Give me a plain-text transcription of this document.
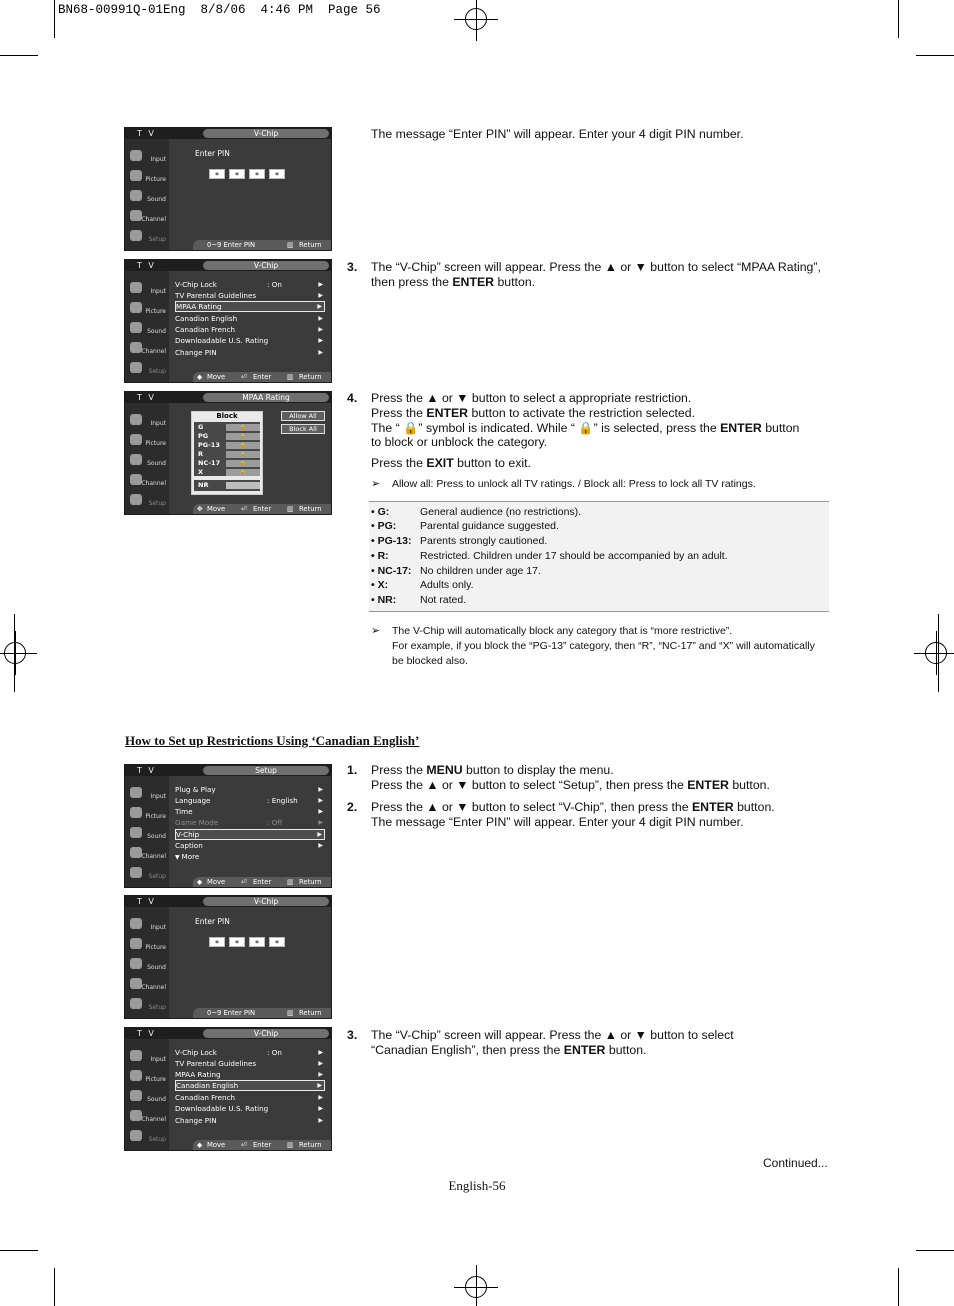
BN68-00991Q-01Eng  8/8/06  4:46 PM  Page 56
T V	V-Chip
Input
Picture
Sound
Channel
Setup
Enter PIN
* * * *
0~9 Enter PIN	▥ Return
T V	V-Chip
Input
Picture
Sound
Channel
Setup
V-Chip Lock	: On	▶
TV Parental Guidelines	▶
MPAA Rating	▶
Canadian English	▶
Canadian French	▶
Downloadable U.S. Rating	▶
Change PIN	▶
◆ Move ⏎ Enter ▥ Return
T V	MPAA Rating
Input
Picture
Sound
Channel
Setup
Block
G	🔒
PG	🔒
PG-13	🔒
R	🔒
NC-17	🔒
X	🔒
NR
Allow All
Block All
✥ Move ⏎ Enter ▥ Return
T V	Setup
Input
Picture
Sound
Channel
Setup
Plug & Play	▶
Language	: English	▶
Time	▶
Game Mode	: Off	▶
V-Chip	▶
Caption	▶
▼ More
◆ Move ⏎ Enter ▥ Return
T V	V-Chip
Input
Picture
Sound
Channel
Setup
Enter PIN
* * * *
0~9 Enter PIN	▥ Return
T V	V-Chip
Input
Picture
Sound
Channel
Setup
V-Chip Lock	: On	▶
TV Parental Guidelines	▶
MPAA Rating	▶
Canadian English	▶
Canadian French	▶
Downloadable U.S. Rating	▶
Change PIN	▶
◆ Move ⏎ Enter ▥ Return
The message “Enter PIN” will appear. Enter your 4 digit PIN number.
3. The “V-Chip” screen will appear. Press the ▲ or ▼ button to select “MPAA Rating”,
then press the ENTER button.
4. Press the ▲ or ▼ button to select a appropriate restriction.
Press the ENTER button to activate the restriction selected.
The “ 🔒” symbol is indicated. While “ 🔒” is selected, press the ENTER button
to block or unblock the category.
Press the EXIT button to exit.
➢	Allow all: Press to unlock all TV ratings. / Block all: Press to lock all TV ratings.
• G:	General audience (no restrictions).
• PG:	Parental guidance suggested.
• PG-13: Parents strongly cautioned.
• R:	Restricted. Children under 17 should be accompanied by an adult.
• NC-17: No children under age 17.
• X:	Adults only.
• NR:	Not rated.
➢	The V-Chip will automatically block any category that is “more restrictive”.
For example, if you block the “PG-13” category, then “R”, “NC-17” and “X” will automatically
be blocked also.
How to Set up Restrictions Using ‘Canadian English’
1. Press the MENU button to display the menu.
Press the ▲ or ▼ button to select “Setup”, then press the ENTER button.
2. Press the ▲ or ▼ button to select “V-Chip”, then press the ENTER button.
The message “Enter PIN” will appear. Enter your 4 digit PIN number.
3. The “V-Chip” screen will appear. Press the ▲ or ▼ button to select
“Canadian English”, then press the ENTER button.
Continued...
English-56
